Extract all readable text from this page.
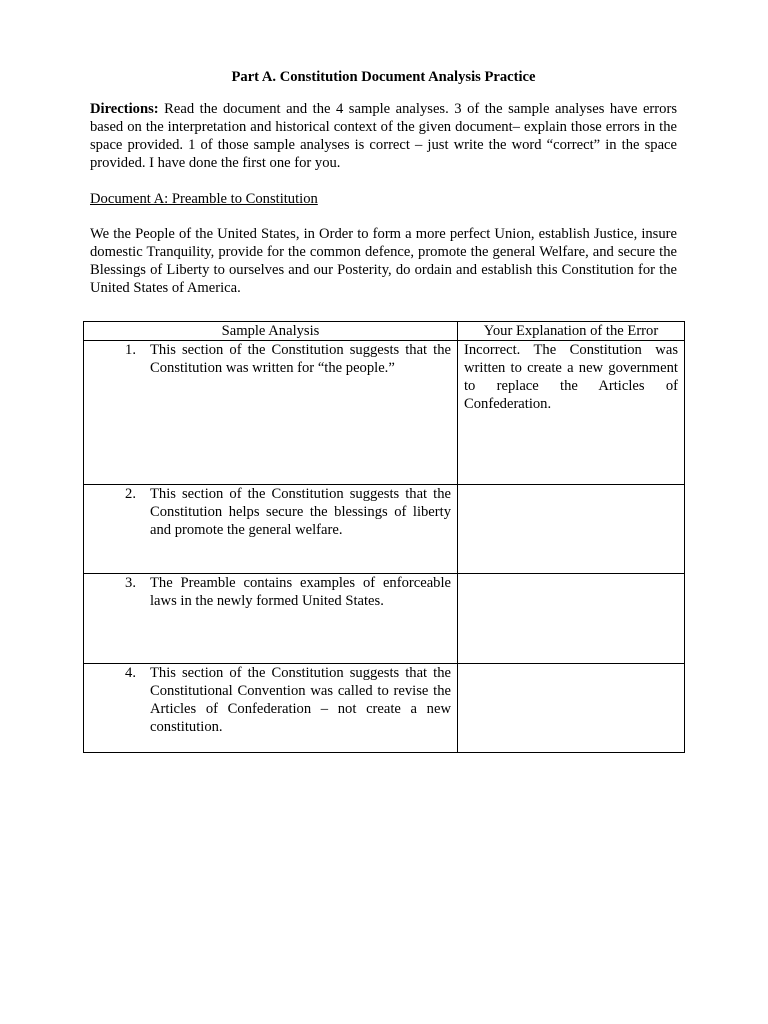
Part A. Constitution Document Analysis Practice

Directions: Read the document and the 4 sample analyses. 3 of the sample analyses have errors based on the interpretation and historical context of the given document– explain those errors in the space provided. 1 of those sample analyses is correct – just write the word “correct” in the space provided. I have done the first one for you.

Document A: Preamble to Constitution

We the People of the United States, in Order to form a more perfect Union, establish Justice, insure domestic Tranquility, provide for the common defence, promote the general Welfare, and secure the Blessings of Liberty to ourselves and our Posterity, do ordain and establish this Constitution for the United States of America.

Sample Analysis	Your Explanation of the Error

1. This section of the Constitution suggests that the Constitution was written for “the people.”	Incorrect. The Constitution was written to create a new government to replace the Articles of Confederation.

2. This section of the Constitution suggests that the Constitution helps secure the blessings of liberty and promote the general welfare.	

3. The Preamble contains examples of enforceable laws in the newly formed United States.	

4. This section of the Constitution suggests that the Constitutional Convention was called to revise the Articles of Confederation – not create a new constitution.	
